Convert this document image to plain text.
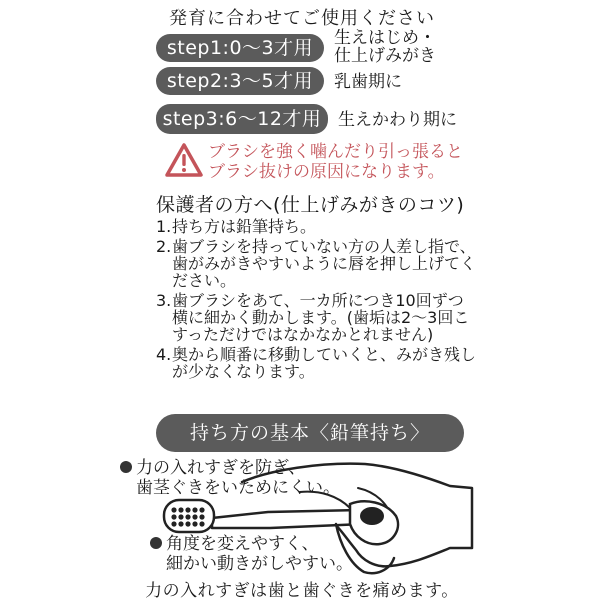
発育に合わせてご使用ください
step1:0〜3才用	生えはじめ・
仕上げみがき
step2:3〜5才用	乳歯期に
step3:6〜12才用 生えかわり期に
ブラシを強く噛んだり引っ張ると
ブラシ抜けの原因になります。
保護者の方へ(仕上げみがきのコツ)
1. 持ち方は鉛筆持ち。
2. 歯ブラシを持っていない方の人差し指で、歯がみがきやすいように唇を押し上げてください。
3. 歯ブラシをあて、一カ所につき10回ずつ横に細かく動かします。(歯垢は2〜3回こすっただけではなかなかとれません)
4. 奥から順番に移動していくと、みがき残しが少なくなります。
持ち方の基本〈鉛筆持ち〉
力の入れすぎを防ぎ、
歯茎ぐきをいためにくい。
角度を変えやすく、
細かい動きがしやすい。
力の入れすぎは歯と歯ぐきを痛めます。
